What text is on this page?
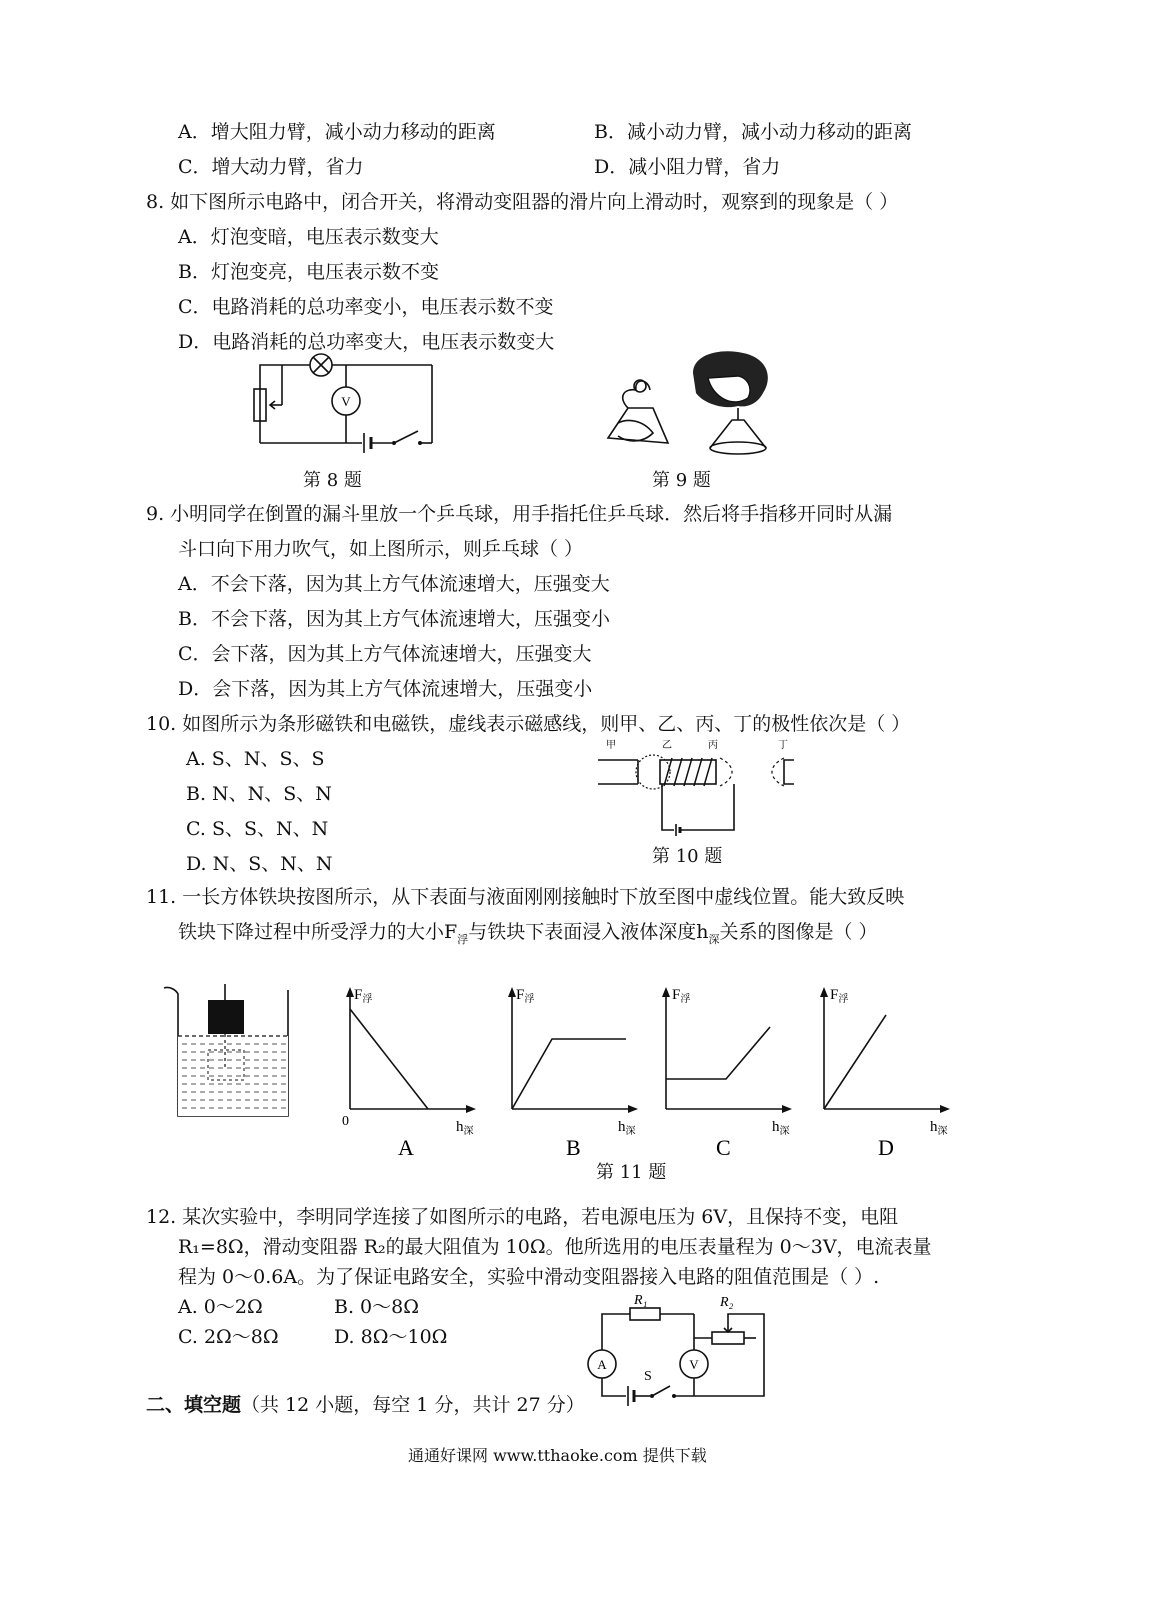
A．增大阻力臂，减小动力移动的距离	B．减小动力臂，减小动力移动的距离
C．增大动力臂，省力	D．减小阻力臂，省力
8. 如下图所示电路中，闭合开关，将滑动变阻器的滑片向上滑动时，观察到的现象是（ ）
A．灯泡变暗，电压表示数变大
B．灯泡变亮，电压表示数不变
C．电路消耗的总功率变小，电压表示数不变
D．电路消耗的总功率变大，电压表示数变大
V
第 8 题	第 9 题
9. 小明同学在倒置的漏斗里放一个乒乓球，用手指托住乒乓球．然后将手指移开同时从漏
斗口向下用力吹气，如上图所示，则乒乓球（ ）
A．不会下落，因为其上方气体流速增大，压强变大
B．不会下落，因为其上方气体流速增大，压强变小
C．会下落，因为其上方气体流速增大，压强变大
D．会下落，因为其上方气体流速增大，压强变小
10. 如图所示为条形磁铁和电磁铁，虚线表示磁感线，则甲、乙、丙、丁的极性依次是（ ）
A. S、N、S、S
B. N、N、S、N
C. S、S、N、N
D. N、S、N、N
甲	乙	丙	丁
第 10 题
11. 一长方体铁块按图所示，从下表面与液面刚刚接触时下放至图中虚线位置。能大致反映
铁块下降过程中所受浮力的大小$F_浮$与铁块下表面浸入液体深度$h_深$关系的图像是（ ）
$F_浮$
0	$h_深$
A
$F_浮$
$h_深$
B
$F_浮$
$h_深$
C
$F_浮$
$h_深$
D
第 11 题
12. 某次实验中，李明同学连接了如图所示的电路，若电源电压为 6V，且保持不变，电阻
R₁=8Ω，滑动变阻器 R₂的最大阻值为 10Ω。他所选用的电压表量程为 0～3V，电流表量
程为 0～0.6A。为了保证电路安全，实验中滑动变阻器接入电路的阻值范围是（ ）.
A. 0～2Ω	B. 0～8Ω
C. 2Ω～8Ω	D. 8Ω～10Ω
R₁	R₂
V
A
S
二、填空题（共 12 小题，每空 1 分，共计 27 分）
通通好课网 www.tthaoke.com 提供下载
